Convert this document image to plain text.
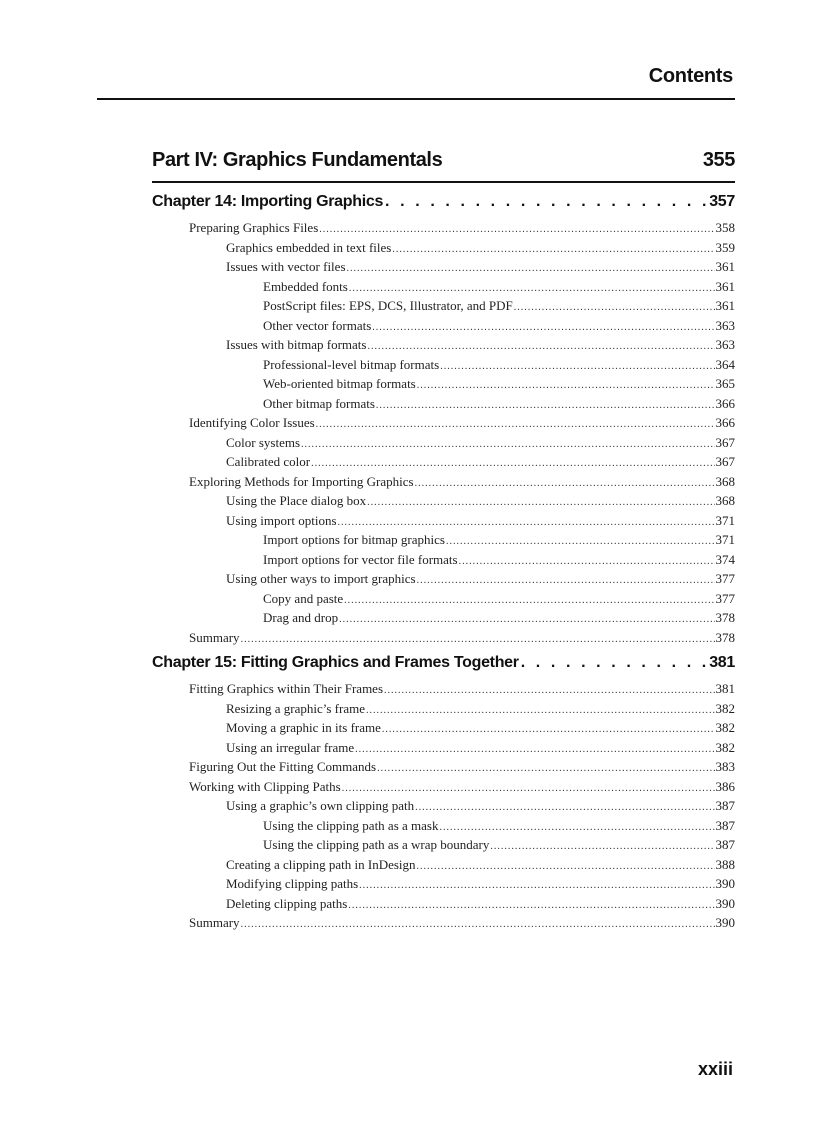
Contents
Part IV: Graphics Fundamentals	355
Chapter 14: Importing Graphics . . .	357
Preparing Graphics Files .....	358
Graphics embedded in text files .....	359
Issues with vector files .....	361
Embedded fonts .....	361
PostScript files: EPS, DCS, Illustrator, and PDF .....	361
Other vector formats .....	363
Issues with bitmap formats .....	363
Professional-level bitmap formats .....	364
Web-oriented bitmap formats .....	365
Other bitmap formats .....	366
Identifying Color Issues .....	366
Color systems .....	367
Calibrated color .....	367
Exploring Methods for Importing Graphics .....	368
Using the Place dialog box .....	368
Using import options .....	371
Import options for bitmap graphics .....	371
Import options for vector file formats .....	374
Using other ways to import graphics .....	377
Copy and paste .....	377
Drag and drop .....	378
Summary .....	378
Chapter 15: Fitting Graphics and Frames Together . . .	381
Fitting Graphics within Their Frames .....	381
Resizing a graphic’s frame .....	382
Moving a graphic in its frame .....	382
Using an irregular frame .....	382
Figuring Out the Fitting Commands .....	383
Working with Clipping Paths .....	386
Using a graphic’s own clipping path .....	387
Using the clipping path as a mask .....	387
Using the clipping path as a wrap boundary .....	387
Creating a clipping path in InDesign .....	388
Modifying clipping paths .....	390
Deleting clipping paths .....	390
Summary .....	390
xxiii
